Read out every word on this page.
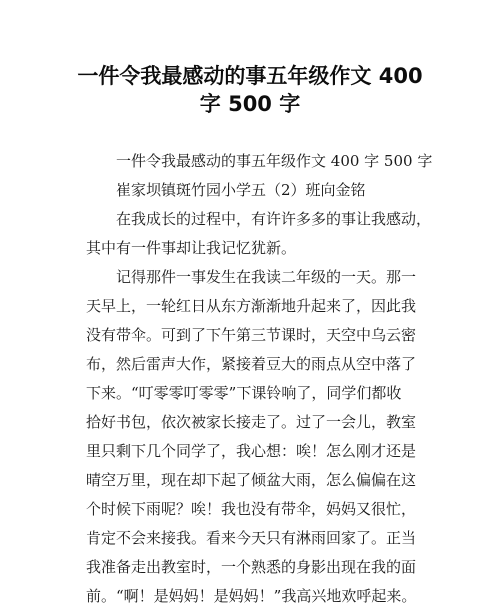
一件令我最感动的事五年级作文 400
字 500 字
一件令我最感动的事五年级作文 400 字 500 字
崔家坝镇斑竹园小学五（2）班向金铭
在我成长的过程中，有许许多多的事让我感动，
其中有一件事却让我记忆犹新。
记得那件一事发生在我读二年级的一天。那一
天早上，一轮红日从东方渐渐地升起来了，因此我
没有带伞。可到了下午第三节课时，天空中乌云密
布，然后雷声大作，紧接着豆大的雨点从空中落了
下来。“叮零零叮零零”下课铃响了，同学们都收
拾好书包，依次被家长接走了。过了一会儿，教室
里只剩下几个同学了，我心想：唉！怎么刚才还是
晴空万里，现在却下起了倾盆大雨，怎么偏偏在这
个时候下雨呢？唉！我也没有带伞，妈妈又很忙，
肯定不会来接我。看来今天只有淋雨回家了。正当
我准备走出教室时，一个熟悉的身影出现在我的面
前。“啊！是妈妈！是妈妈！”我高兴地欢呼起来。
